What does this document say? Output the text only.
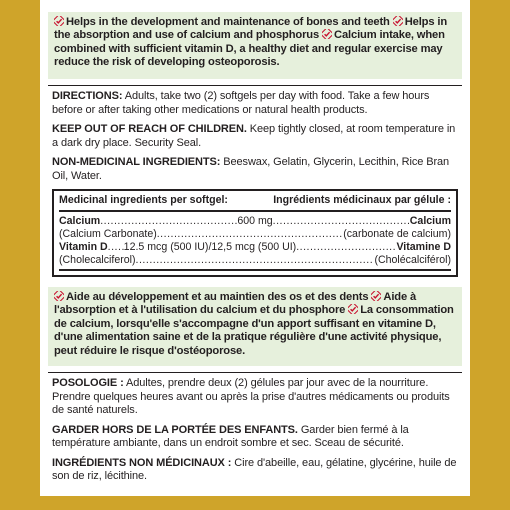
Helps in the development and maintenance of bones and teeth Helps in the absorption and use of calcium and phosphorus Calcium intake, when combined with sufficient vitamin D, a healthy diet and regular exercise may reduce the risk of developing osteoporosis.

DIRECTIONS: Adults, take two (2) softgels per day with food. Take a few hours before or after taking other medications or natural health products.

KEEP OUT OF REACH OF CHILDREN. Keep tightly closed, at room temperature in a dark dry place. Security Seal.

NON-MEDICINAL INGREDIENTS: Beeswax, Gelatin, Glycerin, Lecithin, Rice Bran Oil, Water.

Medicinal ingredients per softgel:	Ingrédients médicinaux par gélule :
Calcium .....	600 mg .....	Calcium
(Calcium Carbonate) .....	(carbonate de calcium)
Vitamin D ..... 12.5 mcg (500 IU)/12,5 mcg (500 UI) .....	Vitamine D
(Cholecalciferol) .....	(Cholécalciférol)
Aide au développement et au maintien des os et des dents Aide à l'absorption et à l'utilisation du calcium et du phosphore La consommation de calcium, lorsqu'elle s'accompagne d'un apport suffisant en vitamine D, d'une alimentation saine et de la pratique régulière d'une activité physique, peut réduire le risque d'ostéoporose.

POSOLOGIE : Adultes, prendre deux (2) gélules par jour avec de la nourriture. Prendre quelques heures avant ou après la prise d'autres médicaments ou produits de santé naturels.

GARDER HORS DE LA PORTÉE DES ENFANTS. Garder bien fermé à la température ambiante, dans un endroit sombre et sec. Sceau de sécurité.

INGRÉDIENTS NON MÉDICINAUX : Cire d'abeille, eau, gélatine, glycérine, huile de son de riz, lécithine.
